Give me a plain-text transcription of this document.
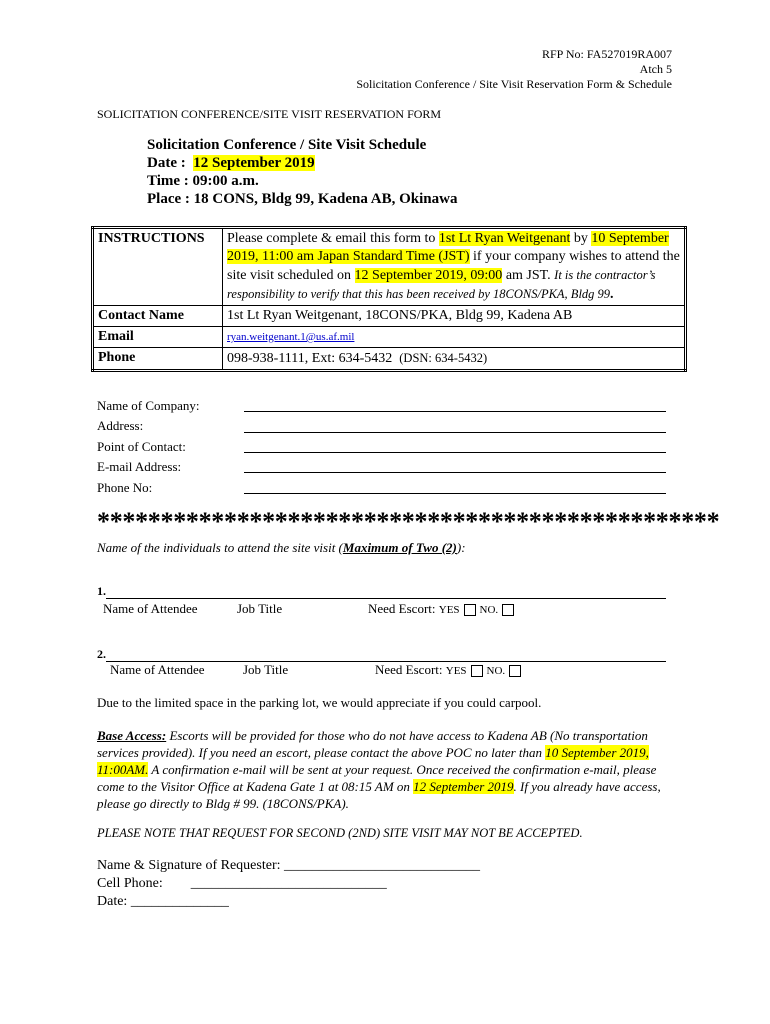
RFP No: FA527019RA007
Atch 5
Solicitation Conference / Site Visit Reservation Form & Schedule
SOLICITATION CONFERENCE/SITE VISIT RESERVATION FORM
Solicitation Conference / Site Visit Schedule
Date :  12 September 2019
Time : 09:00 a.m.
Place : 18 CONS, Bldg 99, Kadena AB, Okinawa
INSTRUCTIONS	Please complete & email this form to 1st Lt Ryan Weitgenant by 10 September 2019, 11:00 am Japan Standard Time (JST) if your company wishes to attend the site visit scheduled on 12 September 2019, 09:00 am JST. It is the contractor’s responsibility to verify that this has been received by 18CONS/PKA, Bldg 99.
Contact Name	1st Lt Ryan Weitgenant, 18CONS/PKA, Bldg 99, Kadena AB
Email	ryan.weitgenant.1@us.af.mil
Phone	098-938-1111, Ext: 634-5432 (DSN: 634-5432)
Name of Company:
Address:
Point of Contact:
E-mail Address:
Phone No:
*************************************************
Name of the individuals to attend the site visit (Maximum of Two (2)):
1.
Name of Attendee	Job Title	Need Escort: YES NO.
2.
Name of Attendee	Job Title	Need Escort: YES NO.
Due to the limited space in the parking lot, we would appreciate if you could carpool.
Base Access: Escorts will be provided for those who do not have access to Kadena AB (No transportation services provided). If you need an escort, please contact the above POC no later than 10 September 2019, 11:00AM. A confirmation e-mail will be sent at your request. Once received the confirmation e-mail, please come to the Visitor Office at Kadena Gate 1 at 08:15 AM on 12 September 2019. If you already have access, please go directly to Bldg # 99. (18CONS/PKA).
PLEASE NOTE THAT REQUEST FOR SECOND (2ND) SITE VISIT MAY NOT BE ACCEPTED.
Name & Signature of Requester: ____________________________
Cell Phone:        ____________________________
Date: ______________
